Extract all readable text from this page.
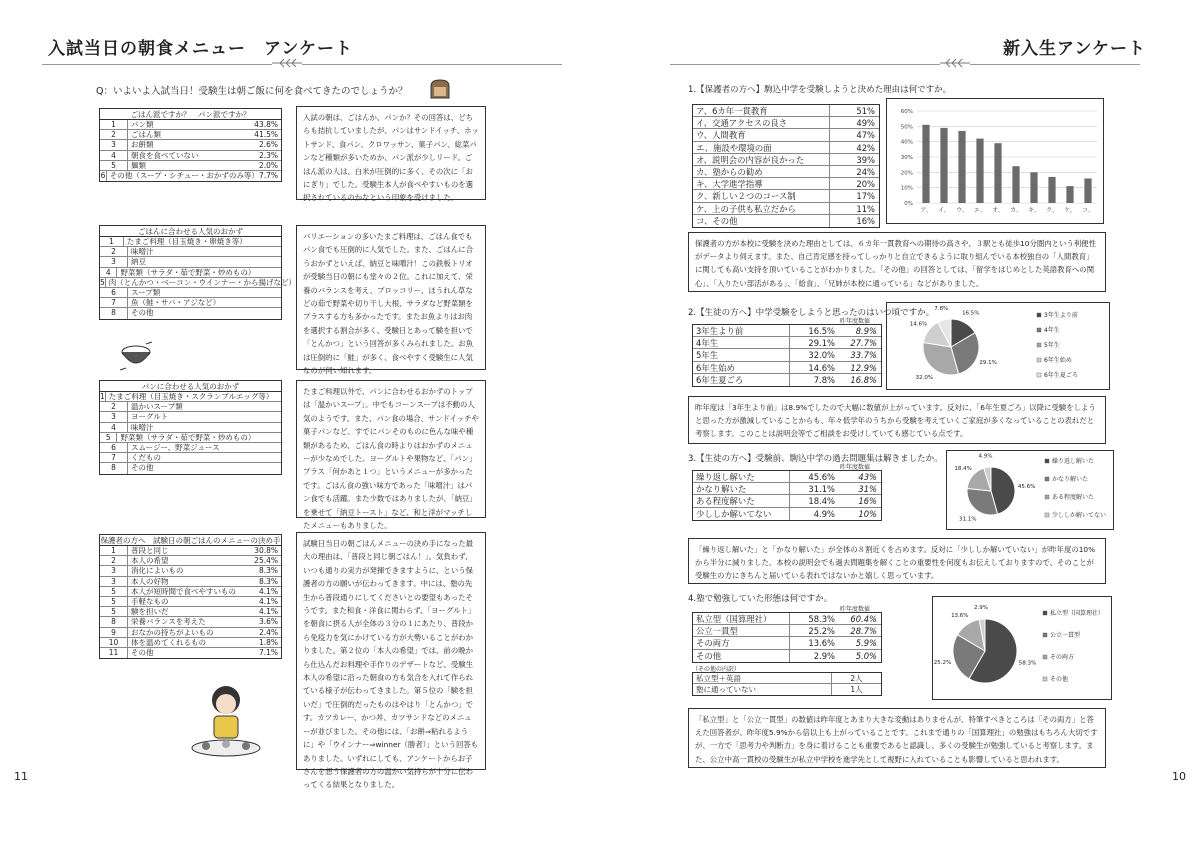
入試当日の朝食メニュー　アンケート
Q：いよいよ入試当日！受験生は朝ご飯に何を食べてきたのでしょうか？
ごはん派ですか？　パン派ですか？
1	パン類	43.8%
2	ごはん類	41.5%
3	お餅類	2.6%
4	朝食を食べていない	2.3%
5	麺類	2.0%
6 その他（スープ・シチュー・おかずのみ等） 7.7%
入試の朝は、ごはんか、パンか？その回答は、どちらも拮抗していましたが、パンはサンドイッチ、ホットサンド、食パン、クロワッサン、菓子パン、総菜パンなど種類が多いためか、パン派が少しリード。ごはん派の人は、白米が圧倒的に多く、その次に「おにぎり」でした。受験生本人が食べやすいものを選択されているのかなという印象を受けました。
ごはんに合わせる人気のおかず
1	たまご料理（目玉焼き・卵焼き等）
2	味噌汁
3	納豆
4	野菜類（サラダ・茹で野菜・炒めもの）
5 肉（とんかつ・ベーコン・ウインナー・から揚げなど）
6	スープ類
7	魚（鮭・サバ・アジなど）
8	その他
バリエーションの多いたまご料理は、ごはん食でもパン食でも圧倒的に人気でした。また、ごはんに合うおかずといえば、納豆と味噌汁！この鉄板トリオが受験当日の朝にも堂々の２位。これに加えて、栄養のバランスを考え、ブロッコリー、ほうれん草などの茹で野菜や切り干し大根、サラダなど野菜類をプラスする方も多かったです。またお魚よりはお肉を選択する割合が多く、受験日とあって験を担いで「とんかつ」という回答が多くみられました。お魚は圧倒的に「鮭」が多く、食べやすく受験生に人気なのが伺い知れます。
パンに合わせる人気のおかず
1 たまご料理（目玉焼き・スクランブルエッグ等）
2	温かいスープ類
3	ヨーグルト
4	味噌汁
5	野菜類（サラダ・茹で野菜・炒めもの）
6	スムージー、野菜ジュース
7	くだもの
8	その他
たまご料理以外で、パンに合わせるおかずのトップは「温かいスープ」。中でもコーンスープは不動の人気のようです。また、パン食の場合、サンドイッチや菓子パンなど、すでにパンそのものに色んな味や種類があるため、ごはん食の時よりはおかずのメニューが少なめでした。ヨーグルトや果物など、「パン」プラス「何かあと１つ」というメニューが多かったです。ごはん食の強い味方であった「味噌汁」はパン食でも活躍。また少数ではありましたが、「納豆」を乗せて「納豆トースト」など、和と洋がマッチしたメニューもありました。
保護者の方へ　試験日の朝ごはんのメニューの決め手
1	普段と同じ	30.8%
2	本人の希望	25.4%
3	消化によいもの	8.3%
3	本人の好物	8.3%
5	本人が短時間で食べやすいもの	4.1%
5	手軽なもの	4.1%
5	験を担いだ	4.1%
8	栄養バランスを考えた	3.6%
9	おなかの持ちがよいもの	2.4%
10	体を温めてくれるもの	1.8%
11	その他	7.1%
試験日当日の朝ごはんメニューの決め手になった最大の理由は、「普段と同じ朝ごはん！」。気負わず、いつも通りの実力が発揮できますように、という保護者の方の願いが伝わってきます。中には、塾の先生から普段通りにしてくださいとの要望もあったそうです。また和食・洋食に関わらず、「ヨーグルト」を朝食に摂る人が全体の３分の１にあたり、普段から免疫力を気にかけている方が大勢いることがわかりました。第２位の「本人の希望」では、前の晩から仕込んだお料理や手作りのデザートなど、受験生本人の希望に沿った朝食の方も気合を入れて作られている様子が伝わってきました。第５位の「験を担いだ」で圧倒的だったものはやはり「とんかつ」です。カツカレー、かつ丼、カツサンドなどのメニューが並びました。その他には、「お餅⇒粘れるように」や「ウインナー⇒winner（勝者）」という回答もありました。いずれにしても、アンケートからお子さんを想う保護者の方の温かい気持ちが十分に伝わってくる結果となりました。
11
新入生アンケート
1.【保護者の方へ】駒込中学を受験しようと決めた理由は何ですか。
ア、6カ年一貫教育	51%
イ、交通アクセスの良さ	49%
ウ、人間教育	47%
エ、施設や環境の面	42%
オ、説明会の内容が良かった	39%
カ、塾からの勧め	24%
キ、大学進学指導	20%
ク、新しい２つのコース制	17%
ケ、上の子供も私立だから	11%
コ、その他	16%
0%
10%
20%
30%
40%
50%
60%
ア、 イ、 ウ、 エ、 オ、 カ、 キ、 ク、 ケ、 コ、
保護者の方が本校に受験を決めた理由としては、６カ年一貫教育への期待の高さや、３駅とも徒歩10分圏内という利便性がデータより伺えます。また、自己肯定感を持ってしっかりと自立できるように取り組んでいる本校独自の「人間教育」に関しても高い支持を頂いていることがわかりました。「その他」の回答としては、「留学をはじめとした英語教育への関心」、「入りたい部活がある」、「給食」、「兄姉が本校に通っている」などがありました。
2.【生徒の方へ】中学受験をしようと思ったのはいつ頃ですか。
昨年度数値
3年生より前	16.5%	8.9%
4年生	29.1%	27.7%
5年生	32.0%	33.7%
6年生始め	14.6%	12.9%
6年生夏ごろ	7.8%	16.8%
16.5%
29.1%
32.0%
14.6%
7.8%
3年生より前
4年生
5年生
6年生始め
6年生夏ごろ
昨年度は「3年生より前」は8.9%でしたので大幅に数値が上がっています。反対に、「6年生夏ごろ」以降に受験をしようと思った方が激減していることからも、年々低学年のうちから受験を考えていくご家庭が多くなっていることの表れだと考察します。このことは説明会等でご相談をお受けしていても感じている点です。
3.【生徒の方へ】受験前、駒込中学の過去問題集は解きましたか。
昨年度数値
繰り返し解いた	45.6%	43%
かなり解いた	31.1%	31%
ある程度解いた	18.4%	16%
少ししか解いてない	4.9%	10%
45.6%
31.1%
18.4%
4.9%
繰り返し解いた
かなり解いた
ある程度解いた
少ししか解いてない
「繰り返し解いた」と「かなり解いた」が全体の８割近くを占めます。反対に「少ししか解いていない」が昨年度の10%から半分に減りました。本校の説明会でも過去問題集を解くことの重要性を何度もお伝えしておりますので、そのことが受験生の方にきちんと届いている表れではないかと嬉しく思っています。
4.塾で勉強していた形態は何ですか。
昨年度数値
私立型（国算理社）	58.3%	60.4%
公立一貫型	25.2%	28.7%
その両方	13.6%	5.9%
その他	2.9%	5.0%
（その他の内訳）
私立型＋英語	2人
塾に通っていない	1人
58.3%
25.2%
13.6%
2.9%
私立型（国算理社）
公立一貫型
その両方
その他
「私立型」と「公立一貫型」の数値は昨年度とあまり大きな変動はありませんが、特筆すべきところは「その両方」と答えた回答者が、昨年度5.9%から倍以上も上がっていることです。これまで通りの「国算理社」の勉強はもちろん大切ですが、一方で「思考力や判断力」を身に着けることも重要であると認識し、多くの受験生が勉強していると考察します。また、公立中高一貫校の受験生が私立中学校を進学先として視野に入れていることも影響していると思われます。
10
